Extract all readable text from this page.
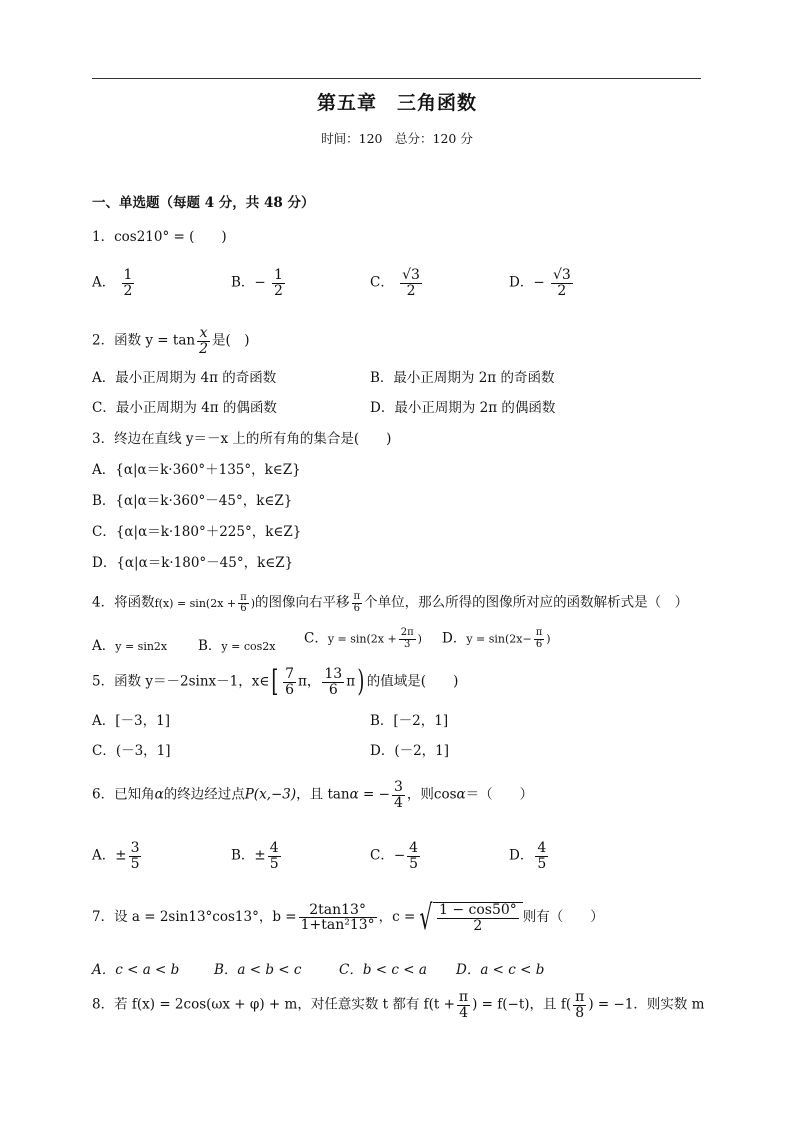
第五章　三角函数
时间：120　总分：120 分
一、单选题（每题 4 分，共 48 分）
1．cos210° = (　　)
A． $\frac{1}{2}$	B．− $\frac{1}{2}$	C． $\frac{√3}{2}$	D．− $\frac{√3}{2}$
2．函数 $y = \tan \frac{x}{2}$ 是(　)
A．最小正周期为 4π 的奇函数	B．最小正周期为 2π 的奇函数
C．最小正周期为 4π 的偶函数	D．最小正周期为 2π 的偶函数
3．终边在直线 y＝－x 上的所有角的集合是(　　)
A．{α|α＝k·360°＋135°，k∈Z}
B．{α|α＝k·360°－45°，k∈Z}
C．{α|α＝k·180°＋225°，k∈Z}
D．{α|α＝k·180°－45°，k∈Z}
4．将函数$f(x) = \sin(2x + \frac{\pi}{6}$ )的图像向右平移 $\frac{\pi}{6}$ 个单位，那么所得的图像所对应的函数解析式是（　）
A．y = sin2x B．y = cos2x C．$y = \sin(2x + \frac{2\pi}{3}$ ) D．$y = \sin(2x- \frac{\pi}{6}$ )
5．函数 y＝－2sinx－1，x∈[ $\frac{7}{6}$ π， $\frac{13}{6} \pi$) 的值域是(　　)
A．[－3，1]	B．[－2，1]
C．(－3，1]	D．(－2，1]
6．已知角α的终边经过点P(x,−3)，且 tanα = − $\frac{3}{4}$ ，则cosα＝（　　）
A．± $\frac{3}{5}$	B．± $\frac{4}{5}$	C．− $\frac{4}{5}$	D． $\frac{4}{5}$
7．设 a = 2sin13°cos13°，$b = \frac{2\tan 13^\circ}{\text{1+tan²13°}}$ ，c = √ $\frac{1 - \cos 50^\circ}{2}$ 则有（　　）
A．c < a < b	B．a < b < c	C．b < c < a D．a < c < b
8．若 f(x) = 2cos(ωx + φ) + m，对任意实数 t 都有 $f(t + \frac{\pi}{4}$ ) = f(−t)，且 $f( \frac{\pi}{8}$ ) = −1．则实数 m
